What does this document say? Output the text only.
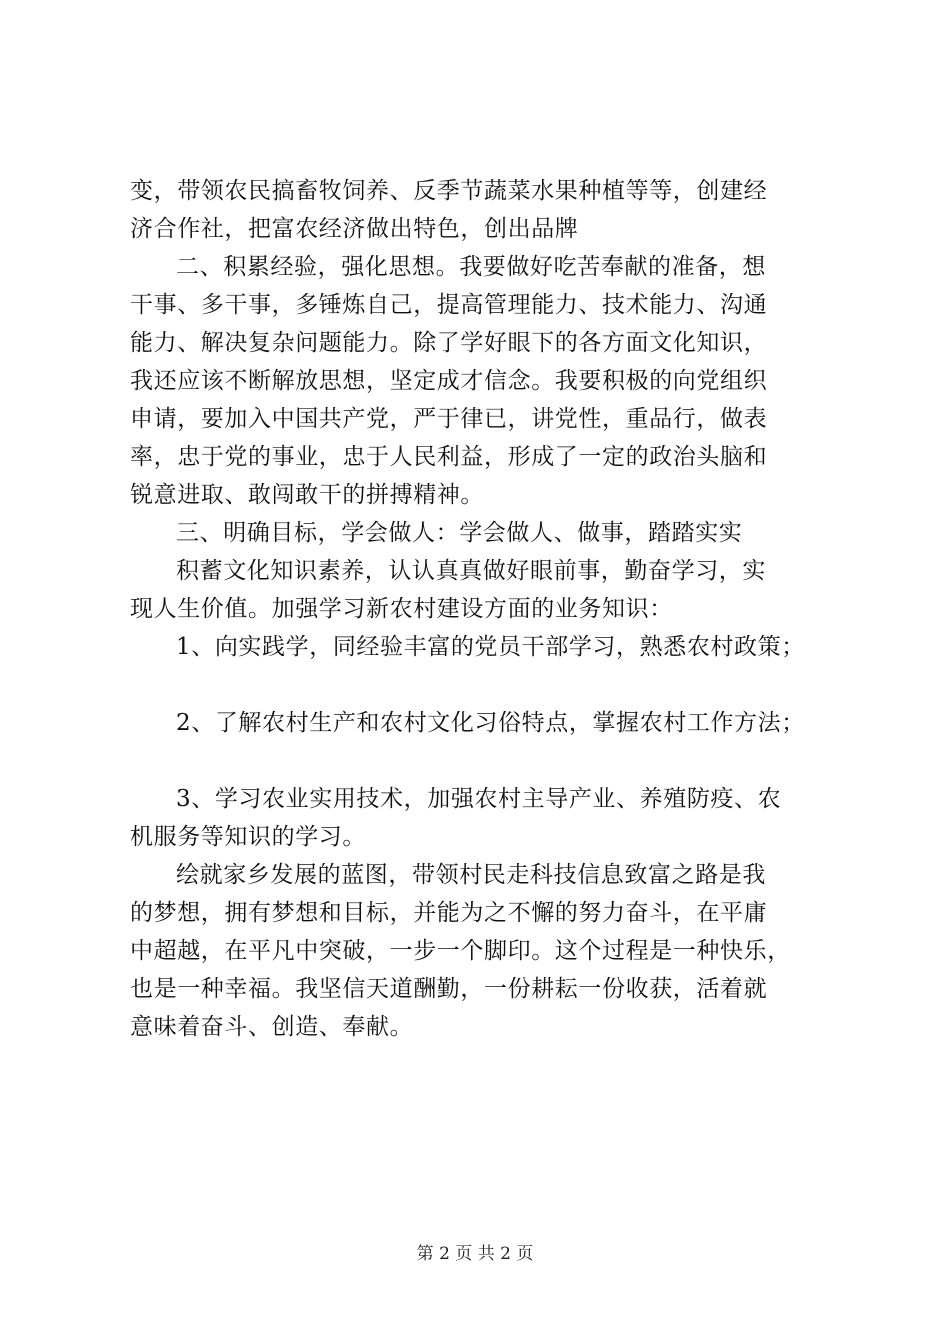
变，带领农民搞畜牧饲养、反季节蔬菜水果种植等等，创建经
济合作社，把富农经济做出特色，创出品牌
二、积累经验，强化思想。我要做好吃苦奉献的准备，想
干事、多干事，多锤炼自己，提高管理能力、技术能力、沟通
能力、解决复杂问题能力。除了学好眼下的各方面文化知识，
我还应该不断解放思想，坚定成才信念。我要积极的向党组织
申请，要加入中国共产党，严于律已，讲党性，重品行，做表
率，忠于党的事业，忠于人民利益，形成了一定的政治头脑和
锐意进取、敢闯敢干的拼搏精神。
三、明确目标，学会做人：学会做人、做事，踏踏实实
积蓄文化知识素养，认认真真做好眼前事，勤奋学习，实
现人生价值。加强学习新农村建设方面的业务知识：
1、向实践学，同经验丰富的党员干部学习，熟悉农村政策；
2、了解农村生产和农村文化习俗特点，掌握农村工作方法；
3、学习农业实用技术，加强农村主导产业、养殖防疫、农
机服务等知识的学习。
绘就家乡发展的蓝图，带领村民走科技信息致富之路是我
的梦想，拥有梦想和目标，并能为之不懈的努力奋斗，在平庸
中超越，在平凡中突破，一步一个脚印。这个过程是一种快乐，
也是一种幸福。我坚信天道酬勤，一份耕耘一份收获，活着就
意味着奋斗、创造、奉献。
第 2 页 共 2 页
